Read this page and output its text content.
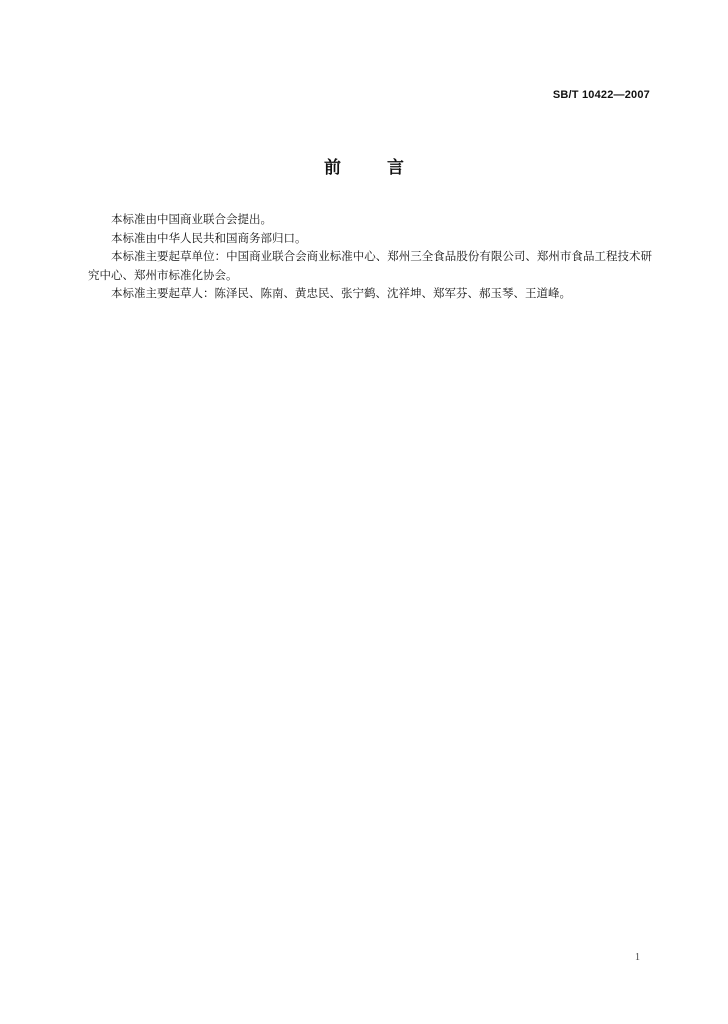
SB/T 10422—2007
前	言

本标准由中国商业联合会提出。

本标准由中华人民共和国商务部归口。

本标准主要起草单位：中国商业联合会商业标准中心、郑州三全食品股份有限公司、郑州市食品工程技术研究中心、郑州市标准化协会。

本标准主要起草人：陈泽民、陈南、黄忠民、张宁鹤、沈祥坤、郑军芬、郝玉琴、王道峰。

1
